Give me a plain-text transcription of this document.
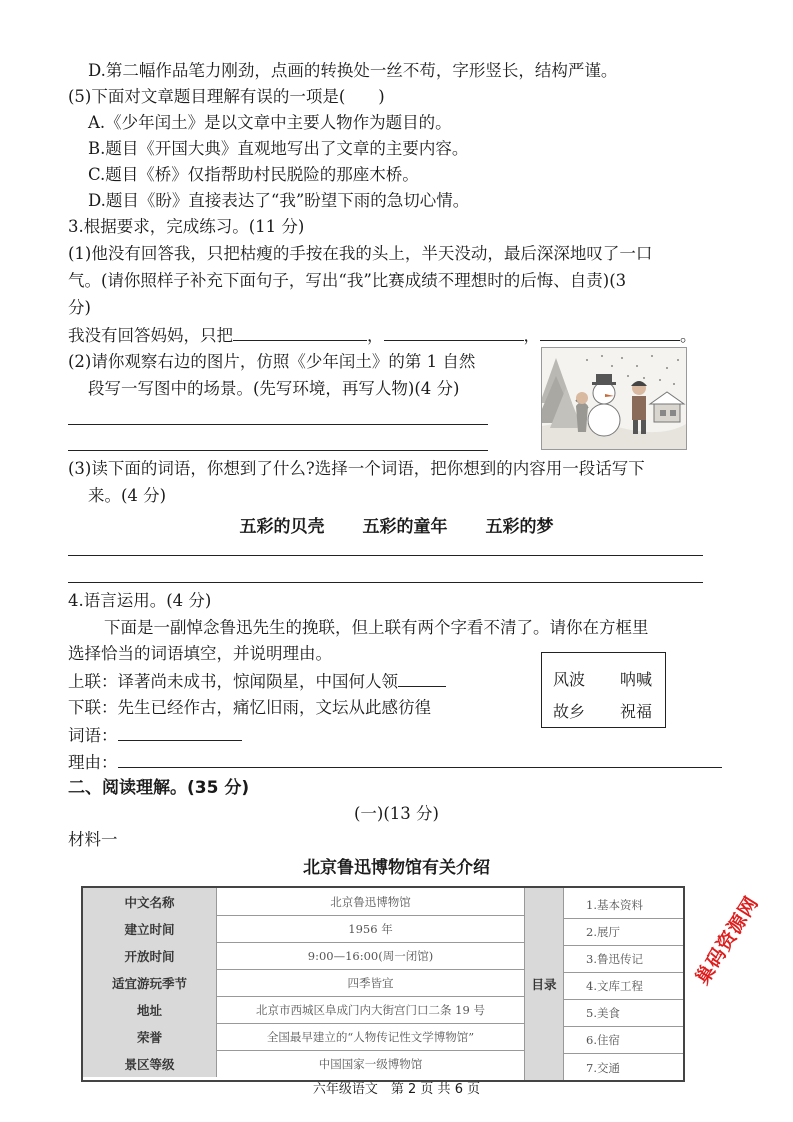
D.第二幅作品笔力刚劲，点画的转换处一丝不苟，字形竖长，结构严谨。
(5)下面对文章题目理解有误的一项是(　　)
A.《少年闰土》是以文章中主要人物作为题目的。
B.题目《开国大典》直观地写出了文章的主要内容。
C.题目《桥》仅指帮助村民脱险的那座木桥。
D.题目《盼》直接表达了“我”盼望下雨的急切心情。
3.根据要求，完成练习。(11 分)
(1)他没有回答我，只把枯瘦的手按在我的头上，半天没动，最后深深地叹了一口
气。(请你照样子补充下面句子，写出“我”比赛成绩不理想时的后悔、自责)(3
分)
我没有回答妈妈，只把	，	，	。
(2)请你观察右边的图片，仿照《少年闰土》的第 1 自然
段写一写图中的场景。(先写环境，再写人物)(4 分)
(3)读下面的词语，你想到了什么?选择一个词语，把你想到的内容用一段话写下
来。(4 分)
五彩的贝壳 五彩的童年 五彩的梦
4.语言运用。(4 分)
下面是一副悼念鲁迅先生的挽联，但上联有两个字看不清了。请你在方框里
选择恰当的词语填空，并说明理由。
上联：译著尚未成书，惊闻陨星，中国何人领
下联：先生已经作古，痛忆旧雨，文坛从此感彷徨
词语：
理由：
风波 呐喊
故乡 祝福
二、阅读理解。(35 分)
(一)(13 分)
材料一
北京鲁迅博物馆有关介绍
中文名称	北京鲁迅博物馆
建立时间	1956 年
开放时间	9:00—16:00(周一闭馆)
适宜游玩季节	四季皆宜
地址	北京市西城区阜成门内大街宫门口二条 19 号
荣誉	全国最早建立的“人物传记性文学博物馆”
景区等级	中国国家一级博物馆
目录
1.基本资料
2.展厅
3.鲁迅传记
4.文库工程
5.美食
6.住宿
7.交通
巢码资源网
六年级语文　第 2 页 共 6 页
